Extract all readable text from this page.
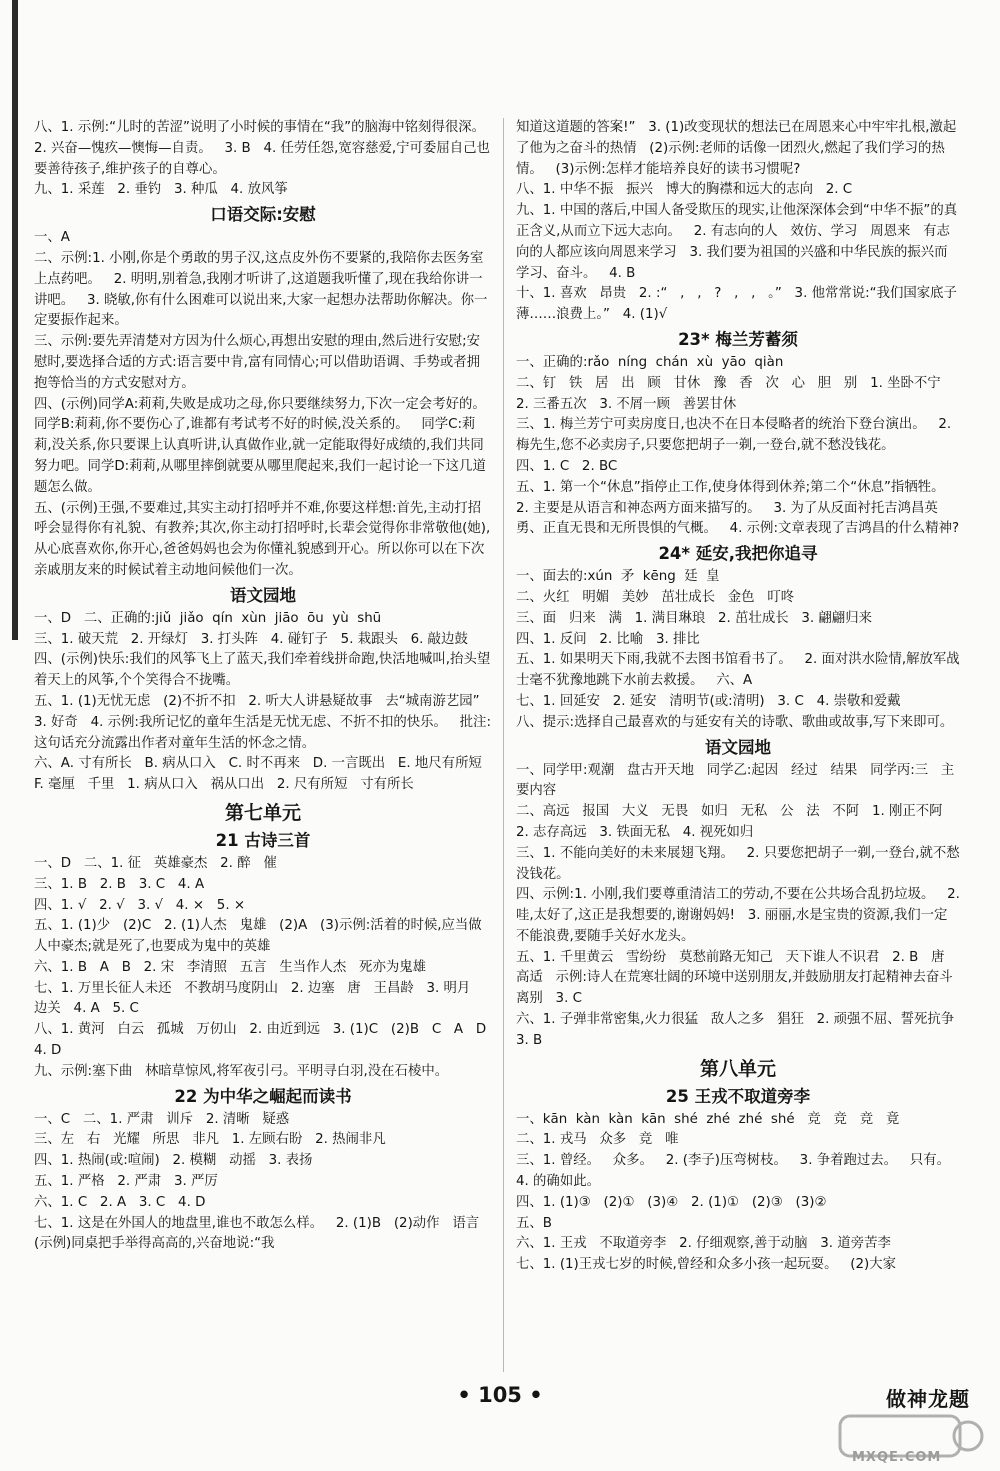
八、1. 示例:“儿时的苦涩”说明了小时候的事情在“我”的脑海中铭刻得很深。   2. 兴奋—愧疚—懊悔—自责。   3. B   4. 任劳任怨,宽容慈爱,宁可委屈自己也要善待孩子,维护孩子的自尊心。
九、1. 采莲   2. 垂钓   3. 种瓜   4. 放风筝
口语交际:安慰
一、A
二、示例:1. 小刚,你是个勇敢的男子汉,这点皮外伤不要紧的,我陪你去医务室上点药吧。   2. 明明,别着急,我刚才听讲了,这道题我听懂了,现在我给你讲一讲吧。   3. 晓敏,你有什么困难可以说出来,大家一起想办法帮助你解决。你一定要振作起来。
三、示例:要先弄清楚对方因为什么烦心,再想出安慰的理由,然后进行安慰;安慰时,要选择合适的方式:语言要中肯,富有同情心;可以借助语调、手势或者拥抱等恰当的方式安慰对方。
四、(示例)同学A:莉莉,失败是成功之母,你只要继续努力,下次一定会考好的。   同学B:莉莉,你不要伤心了,谁都有考试考不好的时候,没关系的。   同学C:莉莉,没关系,你只要课上认真听讲,认真做作业,就一定能取得好成绩的,我们共同努力吧。同学D:莉莉,从哪里摔倒就要从哪里爬起来,我们一起讨论一下这几道题怎么做。
五、(示例)王强,不要难过,其实主动打招呼并不难,你要这样想:首先,主动打招呼会显得你有礼貌、有教养;其次,你主动打招呼时,长辈会觉得你非常敬他(她),从心底喜欢你,你开心,爸爸妈妈也会为你懂礼貌感到开心。所以你可以在下次亲戚朋友来的时候试着主动地问候他们一次。
语文园地
一、D   二、正确的:jiǔ  jiǎo  qín  xùn  jiāo  ōu  yù  shū
三、1. 破天荒   2. 开绿灯   3. 打头阵   4. 碰钉子   5. 栽跟头   6. 敲边鼓
四、(示例)快乐:我们的风筝飞上了蓝天,我们牵着线拼命跑,快活地喊叫,抬头望着天上的风筝,个个笑得合不拢嘴。
五、1. (1)无忧无虑   (2)不折不扣   2. 听大人讲悬疑故事   去“城南游艺园”   3. 好奇   4. 示例:我所记忆的童年生活是无忧无虑、不折不扣的快乐。   批注:这句话充分流露出作者对童年生活的怀念之情。
六、A. 寸有所长   B. 病从口入   C. 时不再来   D. 一言既出   E. 地尺有所短   F. 毫厘   千里   1. 病从口入   祸从口出   2. 尺有所短   寸有所长
第七单元
21 古诗三首
一、D   二、1. 征   英雄豪杰   2. 醉   催
三、1. B   2. B   3. C   4. A
四、1. √   2. √   3. √   4. ×   5. ×
五、1. (1)少   (2)C   2. (1)人杰   鬼雄   (2)A   (3)示例:活着的时候,应当做人中豪杰;就是死了,也要成为鬼中的英雄
六、1. B   A   B   2. 宋   李清照   五言   生当作人杰   死亦为鬼雄
七、1. 万里长征人未还   不教胡马度阴山   2. 边塞   唐   王昌龄   3. 明月   边关   4. A   5. C
八、1. 黄河   白云   孤城   万仞山   2. 由近到远   3. (1)C   (2)B   C   A   D   4. D
九、示例:塞下曲   林暗草惊风,将军夜引弓。平明寻白羽,没在石棱中。
22 为中华之崛起而读书
一、C   二、1. 严肃   训斥   2. 清晰   疑惑
三、左   右   光耀   所思   非凡   1. 左顾右盼   2. 热闹非凡
四、1. 热闹(或:喧闹)   2. 模糊   动摇   3. 表扬
五、1. 严格   2. 严肃   3. 严厉
六、1. C   2. A   3. C   4. D
七、1. 这是在外国人的地盘里,谁也不敢怎么样。   2. (1)B   (2)动作   语言   (示例)同桌把手举得高高的,兴奋地说:“我
知道这道题的答案!”   3. (1)改变现状的想法已在周恩来心中牢牢扎根,激起了他为之奋斗的热情   (2)示例:老师的话像一团烈火,燃起了我们学习的热情。   (3)示例:怎样才能培养良好的读书习惯呢?
八、1. 中华不振   振兴   博大的胸襟和远大的志向   2. C
九、1. 中国的落后,中国人备受欺压的现实,让他深深体会到“中华不振”的真正含义,从而立下远大志向。   2. 有志向的人   效仿、学习   周恩来   有志向的人都应该向周恩来学习   3. 我们要为祖国的兴盛和中华民族的振兴而学习、奋斗。   4. B
十、1. 喜欢   昂贵   2. :“   ,   ,   ?   ,   ,   。”   3. 他常常说:“我们国家底子薄……浪费上。”   4. (1)√
23* 梅兰芳蓄须
一、正确的:rǎo  níng  chán  xù  yāo  qiàn
二、钉   铁   居   出   顾   甘休   豫   香   次   心   胆   别   1. 坐卧不宁   2. 三番五次   3. 不屑一顾   善罢甘休
三、1. 梅兰芳宁可卖房度日,也决不在日本侵略者的统治下登台演出。   2. 梅先生,您不必卖房子,只要您把胡子一剃,一登台,就不愁没钱花。
四、1. C   2. BC
五、1. 第一个“休息”指停止工作,使身体得到休养;第二个“休息”指牺牲。   2. 主要是从语言和神态两方面来描写的。   3. 为了从反面衬托吉鸿昌英勇、正直无畏和无所畏惧的气概。   4. 示例:文章表现了吉鸿昌的什么精神?
24* 延安,我把你追寻
一、面去的:xún  矛  kēng  廷  皇
二、火红   明媚   美妙   茁壮成长   金色   叮咚
三、面   归来   满   1. 满目琳琅   2. 茁壮成长   3. 翩翩归来
四、1. 反问   2. 比喻   3. 排比
五、1. 如果明天下雨,我就不去图书馆看书了。   2. 面对洪水险情,解放军战士毫不犹豫地跳下水前去救援。   六、A
七、1. 回延安   2. 延安   清明节(或:清明)   3. C   4. 崇敬和爱戴
八、提示:选择自己最喜欢的与延安有关的诗歌、歌曲或故事,写下来即可。
语文园地
一、同学甲:观潮   盘古开天地   同学乙:起因   经过   结果   同学丙:三   主要内容
二、高远   报国   大义   无畏   如归   无私   公   法   不阿   1. 刚正不阿   2. 志存高远   3. 铁面无私   4. 视死如归
三、1. 不能向美好的未来展翅飞翔。   2. 只要您把胡子一剃,一登台,就不愁没钱花。
四、示例:1. 小刚,我们要尊重清洁工的劳动,不要在公共场合乱扔垃圾。   2. 哇,太好了,这正是我想要的,谢谢妈妈!   3. 丽丽,水是宝贵的资源,我们一定不能浪费,要随手关好水龙头。
五、1. 千里黄云   雪纷纷   莫愁前路无知己   天下谁人不识君   2. B   唐   高适   示例:诗人在荒寒壮阔的环境中送别朋友,并鼓励朋友打起精神去奋斗   离别   3. C
六、1. 子弹非常密集,火力很猛   敌人之多   猖狂   2. 顽强不屈、誓死抗争   3. B
第八单元
25 王戎不取道旁李
一、kān  kàn  kàn  kān  shé  zhé  zhé  shé   竞   竞   竞   竟
二、1. 戎马   众多   竞   唯
三、1. 曾经。   众多。   2. (李子)压弯树枝。   3. 争着跑过去。   只有。   4. 的确如此。
四、1. (1)③   (2)①   (3)④   2. (1)①   (2)③   (3)②
五、B
六、1. 王戎   不取道旁李   2. 仔细观察,善于动脑   3. 道旁苦李
七、1. (1)王戎七岁的时候,曾经和众多小孩一起玩耍。   (2)大家
• 105 •	做神龙题
MXQE.COM
